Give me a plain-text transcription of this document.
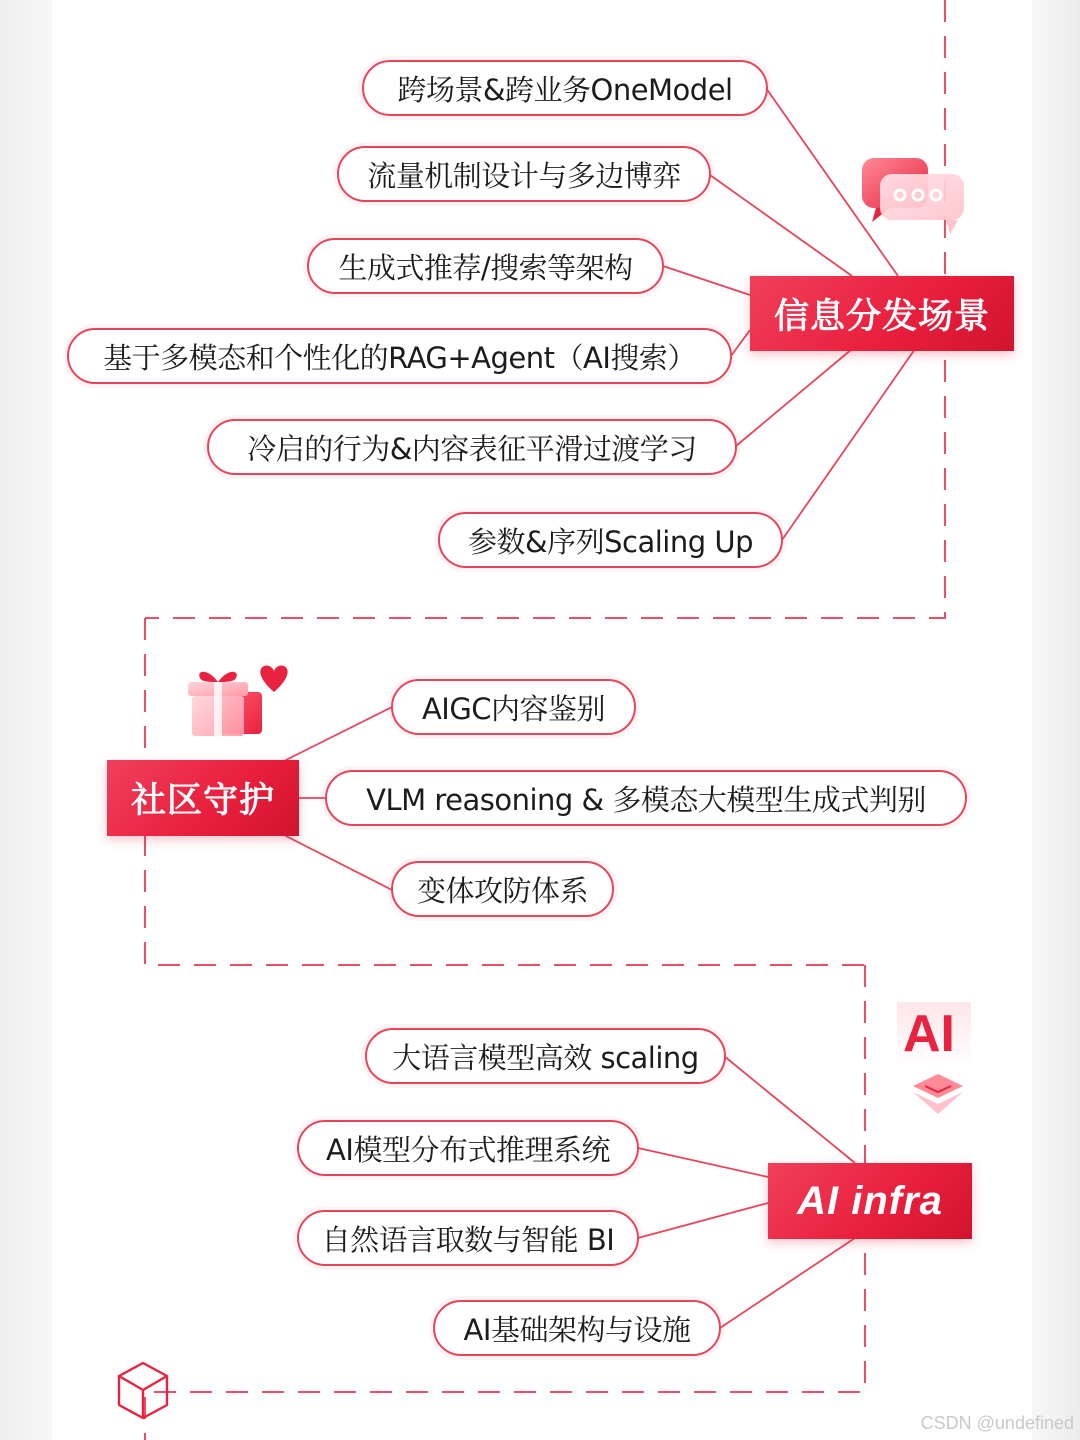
跨场景&跨业务OneModel
流量机制设计与多边博弈
生成式推荐/搜索等架构
基于多模态和个性化的RAG+Agent（AI搜索）
冷启的行为&内容表征平滑过渡学习
参数&序列Scaling Up
信息分发场景
AIGC内容鉴别
VLM reasoning & 多模态大模型生成式判别
变体攻防体系
社区守护
大语言模型高效 scaling
AI模型分布式推理系统
自然语言取数与智能 BI
AI基础架构与设施
AI infra
AI
CSDN @undefined
